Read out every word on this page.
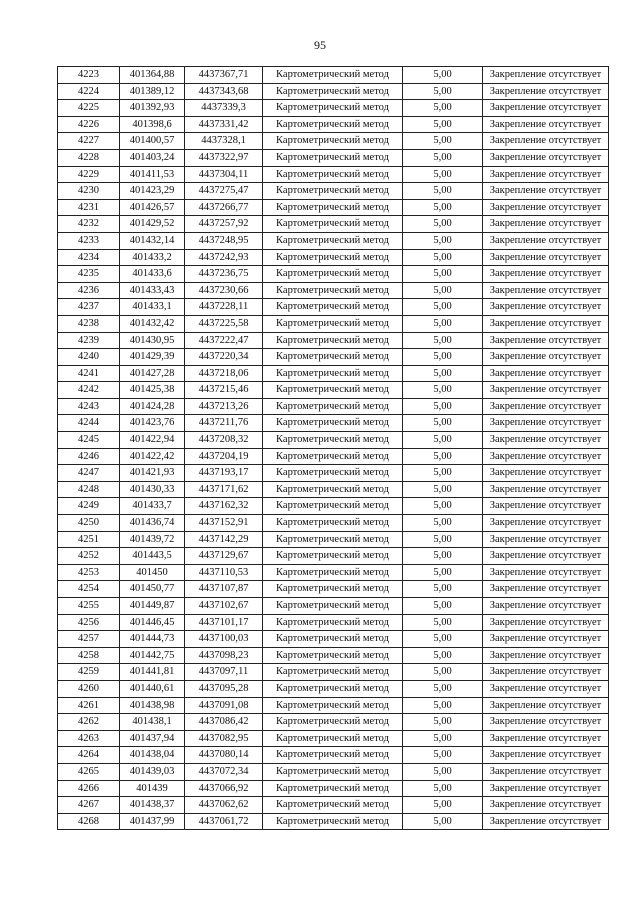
95
4223	401364,88	4437367,71	Картометрический метод	5,00	Закрепление отсутствует
4224	401389,12	4437343,68	Картометрический метод	5,00	Закрепление отсутствует
4225	401392,93	4437339,3	Картометрический метод	5,00	Закрепление отсутствует
4226	401398,6	4437331,42	Картометрический метод	5,00	Закрепление отсутствует
4227	401400,57	4437328,1	Картометрический метод	5,00	Закрепление отсутствует
4228	401403,24	4437322,97	Картометрический метод	5,00	Закрепление отсутствует
4229	401411,53	4437304,11	Картометрический метод	5,00	Закрепление отсутствует
4230	401423,29	4437275,47	Картометрический метод	5,00	Закрепление отсутствует
4231	401426,57	4437266,77	Картометрический метод	5,00	Закрепление отсутствует
4232	401429,52	4437257,92	Картометрический метод	5,00	Закрепление отсутствует
4233	401432,14	4437248,95	Картометрический метод	5,00	Закрепление отсутствует
4234	401433,2	4437242,93	Картометрический метод	5,00	Закрепление отсутствует
4235	401433,6	4437236,75	Картометрический метод	5,00	Закрепление отсутствует
4236	401433,43	4437230,66	Картометрический метод	5,00	Закрепление отсутствует
4237	401433,1	4437228,11	Картометрический метод	5,00	Закрепление отсутствует
4238	401432,42	4437225,58	Картометрический метод	5,00	Закрепление отсутствует
4239	401430,95	4437222,47	Картометрический метод	5,00	Закрепление отсутствует
4240	401429,39	4437220,34	Картометрический метод	5,00	Закрепление отсутствует
4241	401427,28	4437218,06	Картометрический метод	5,00	Закрепление отсутствует
4242	401425,38	4437215,46	Картометрический метод	5,00	Закрепление отсутствует
4243	401424,28	4437213,26	Картометрический метод	5,00	Закрепление отсутствует
4244	401423,76	4437211,76	Картометрический метод	5,00	Закрепление отсутствует
4245	401422,94	4437208,32	Картометрический метод	5,00	Закрепление отсутствует
4246	401422,42	4437204,19	Картометрический метод	5,00	Закрепление отсутствует
4247	401421,93	4437193,17	Картометрический метод	5,00	Закрепление отсутствует
4248	401430,33	4437171,62	Картометрический метод	5,00	Закрепление отсутствует
4249	401433,7	4437162,32	Картометрический метод	5,00	Закрепление отсутствует
4250	401436,74	4437152,91	Картометрический метод	5,00	Закрепление отсутствует
4251	401439,72	4437142,29	Картометрический метод	5,00	Закрепление отсутствует
4252	401443,5	4437129,67	Картометрический метод	5,00	Закрепление отсутствует
4253	401450	4437110,53	Картометрический метод	5,00	Закрепление отсутствует
4254	401450,77	4437107,87	Картометрический метод	5,00	Закрепление отсутствует
4255	401449,87	4437102,67	Картометрический метод	5,00	Закрепление отсутствует
4256	401446,45	4437101,17	Картометрический метод	5,00	Закрепление отсутствует
4257	401444,73	4437100,03	Картометрический метод	5,00	Закрепление отсутствует
4258	401442,75	4437098,23	Картометрический метод	5,00	Закрепление отсутствует
4259	401441,81	4437097,11	Картометрический метод	5,00	Закрепление отсутствует
4260	401440,61	4437095,28	Картометрический метод	5,00	Закрепление отсутствует
4261	401438,98	4437091,08	Картометрический метод	5,00	Закрепление отсутствует
4262	401438,1	4437086,42	Картометрический метод	5,00	Закрепление отсутствует
4263	401437,94	4437082,95	Картометрический метод	5,00	Закрепление отсутствует
4264	401438,04	4437080,14	Картометрический метод	5,00	Закрепление отсутствует
4265	401439,03	4437072,34	Картометрический метод	5,00	Закрепление отсутствует
4266	401439	4437066,92	Картометрический метод	5,00	Закрепление отсутствует
4267	401438,37	4437062,62	Картометрический метод	5,00	Закрепление отсутствует
4268	401437,99	4437061,72	Картометрический метод	5,00	Закрепление отсутствует
